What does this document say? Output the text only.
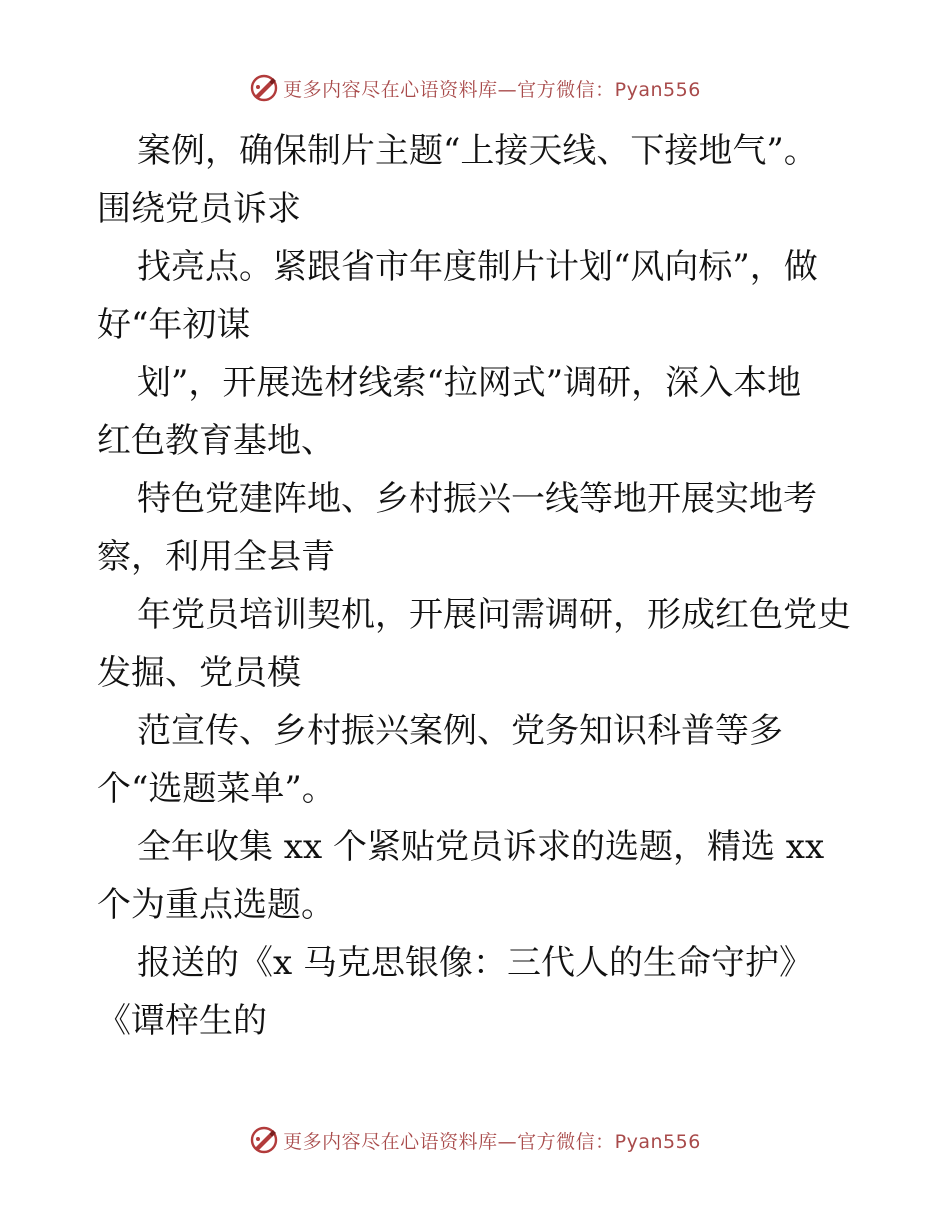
更多内容尽在心语资料库—官方微信：Pyan556

案例，确保制片主题“上接天线、下接地气”。
围绕党员诉求

找亮点。紧跟省市年度制片计划“风向标”，做
好“年初谋

划”，开展选材线索“拉网式”调研，深入本地
红色教育基地、

特色党建阵地、乡村振兴一线等地开展实地考
察，利用全县青

年党员培训契机，开展问需调研，形成红色党史
发掘、党员模

范宣传、乡村振兴案例、党务知识科普等多
个“选题菜单”。

全年收集 xx 个紧贴党员诉求的选题，精选 xx
个为重点选题。

报送的《x 马克思银像：三代人的生命守护》
《谭梓生的

更多内容尽在心语资料库—官方微信：Pyan556
